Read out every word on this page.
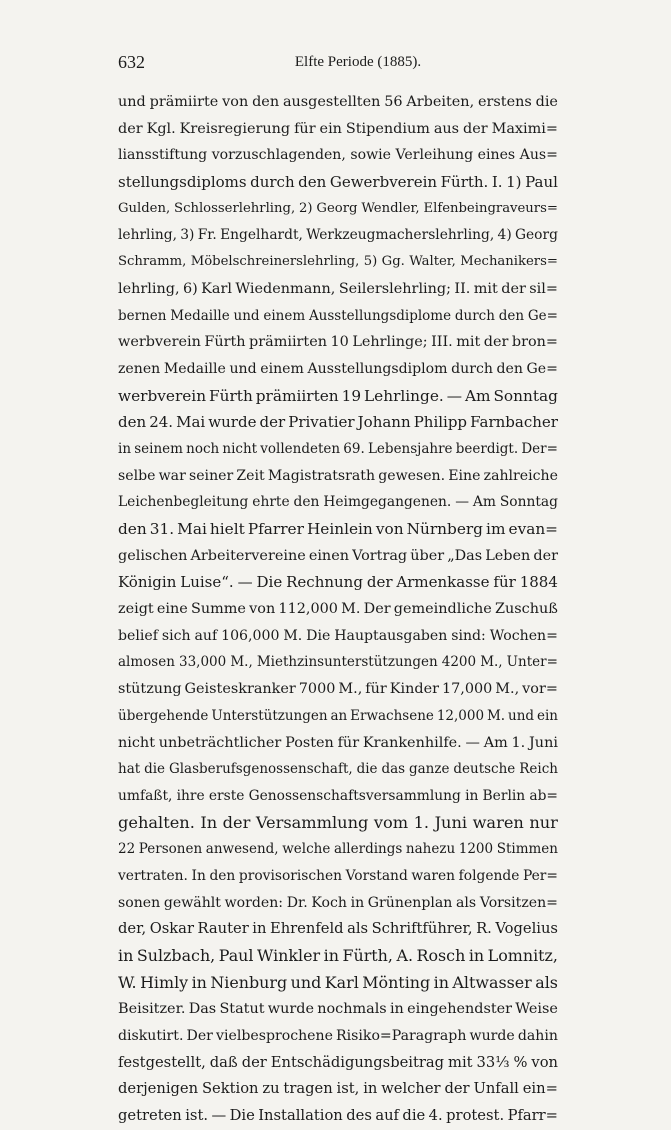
632	Elfte Periode (1885).
und prämiirte von den ausgestellten 56 Arbeiten, erstens die
der Kgl. Kreisregierung für ein Stipendium aus der Maximi=
liansstiftung vorzuschlagenden, sowie Verleihung eines Aus=
stellungsdiploms durch den Gewerbverein Fürth. I. 1) Paul
Gulden, Schlosserlehrling, 2) Georg Wendler, Elfenbeingraveurs=
lehrling, 3) Fr. Engelhardt, Werkzeugmacherslehrling, 4) Georg
Schramm, Möbelschreinerslehrling, 5) Gg. Walter, Mechanikers=
lehrling, 6) Karl Wiedenmann, Seilerslehrling; II. mit der sil=
bernen Medaille und einem Ausstellungsdiplome durch den Ge=
werbverein Fürth prämiirten 10 Lehrlinge; III. mit der bron=
zenen Medaille und einem Ausstellungsdiplom durch den Ge=
werbverein Fürth prämiirten 19 Lehrlinge. — Am Sonntag
den 24. Mai wurde der Privatier Johann Philipp Farnbacher
in seinem noch nicht vollendeten 69. Lebensjahre beerdigt. Der=
selbe war seiner Zeit Magistratsrath gewesen. Eine zahlreiche
Leichenbegleitung ehrte den Heimgegangenen. — Am Sonntag
den 31. Mai hielt Pfarrer Heinlein von Nürnberg im evan=
gelischen Arbeitervereine einen Vortrag über „Das Leben der
Königin Luise“. — Die Rechnung der Armenkasse für 1884
zeigt eine Summe von 112,000 M. Der gemeindliche Zuschuß
belief sich auf 106,000 M. Die Hauptausgaben sind: Wochen=
almosen 33,000 M., Miethzinsunterstützungen 4200 M., Unter=
stützung Geisteskranker 7000 M., für Kinder 17,000 M., vor=
übergehende Unterstützungen an Erwachsene 12,000 M. und ein
nicht unbeträchtlicher Posten für Krankenhilfe. — Am 1. Juni
hat die Glasberufsgenossenschaft, die das ganze deutsche Reich
umfaßt, ihre erste Genossenschaftsversammlung in Berlin ab=
gehalten. In der Versammlung vom 1. Juni waren nur
22 Personen anwesend, welche allerdings nahezu 1200 Stimmen
vertraten. In den provisorischen Vorstand waren folgende Per=
sonen gewählt worden: Dr. Koch in Grünenplan als Vorsitzen=
der, Oskar Rauter in Ehrenfeld als Schriftführer, R. Vogelius
in Sulzbach, Paul Winkler in Fürth, A. Rosch in Lomnitz,
W. Himly in Nienburg und Karl Mönting in Altwasser als
Beisitzer. Das Statut wurde nochmals in eingehendster Weise
diskutirt. Der vielbesprochene Risiko=Paragraph wurde dahin
festgestellt, daß der Entschädigungsbeitrag mit 33⅓ % von
derjenigen Sektion zu tragen ist, in welcher der Unfall ein=
getreten ist. — Die Installation des auf die 4. protest. Pfarr=
